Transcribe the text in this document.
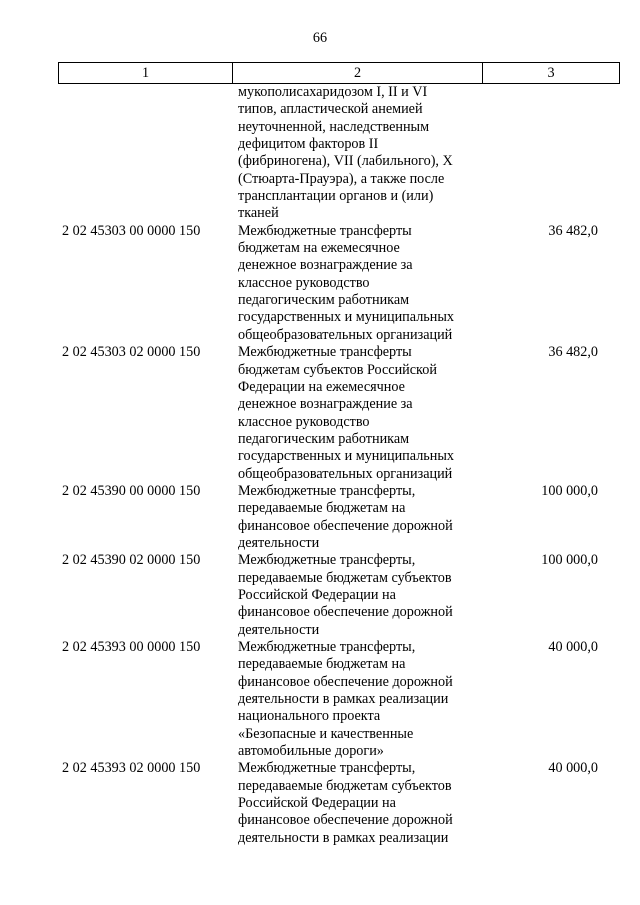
66
1	2	3
мукополисахаридозом I, II и VI
типов, апластической анемией
неуточненной, наследственным
дефицитом факторов II
(фибриногена), VII (лабильного), X
(Стюарта-Прауэра), а также после
трансплантации органов и (или)
тканей
2 02 45303 00 0000 150	Межбюджетные трансферты
бюджетам на ежемесячное
денежное вознаграждение за
классное руководство
педагогическим работникам
государственных и муниципальных
общеобразовательных организаций
36 482,0
2 02 45303 02 0000 150	Межбюджетные трансферты
бюджетам субъектов Российской
Федерации на ежемесячное
денежное вознаграждение за
классное руководство
педагогическим работникам
государственных и муниципальных
общеобразовательных организаций
36 482,0
2 02 45390 00 0000 150	Межбюджетные трансферты,
передаваемые бюджетам на
финансовое обеспечение дорожной
деятельности
100 000,0
2 02 45390 02 0000 150	Межбюджетные трансферты,
передаваемые бюджетам субъектов
Российской Федерации на
финансовое обеспечение дорожной
деятельности
100 000,0
2 02 45393 00 0000 150	Межбюджетные трансферты,
передаваемые бюджетам на
финансовое обеспечение дорожной
деятельности в рамках реализации
национального проекта
«Безопасные и качественные
автомобильные дороги»
40 000,0
2 02 45393 02 0000 150	Межбюджетные трансферты,
передаваемые бюджетам субъектов
Российской Федерации на
финансовое обеспечение дорожной
деятельности в рамках реализации
40 000,0
